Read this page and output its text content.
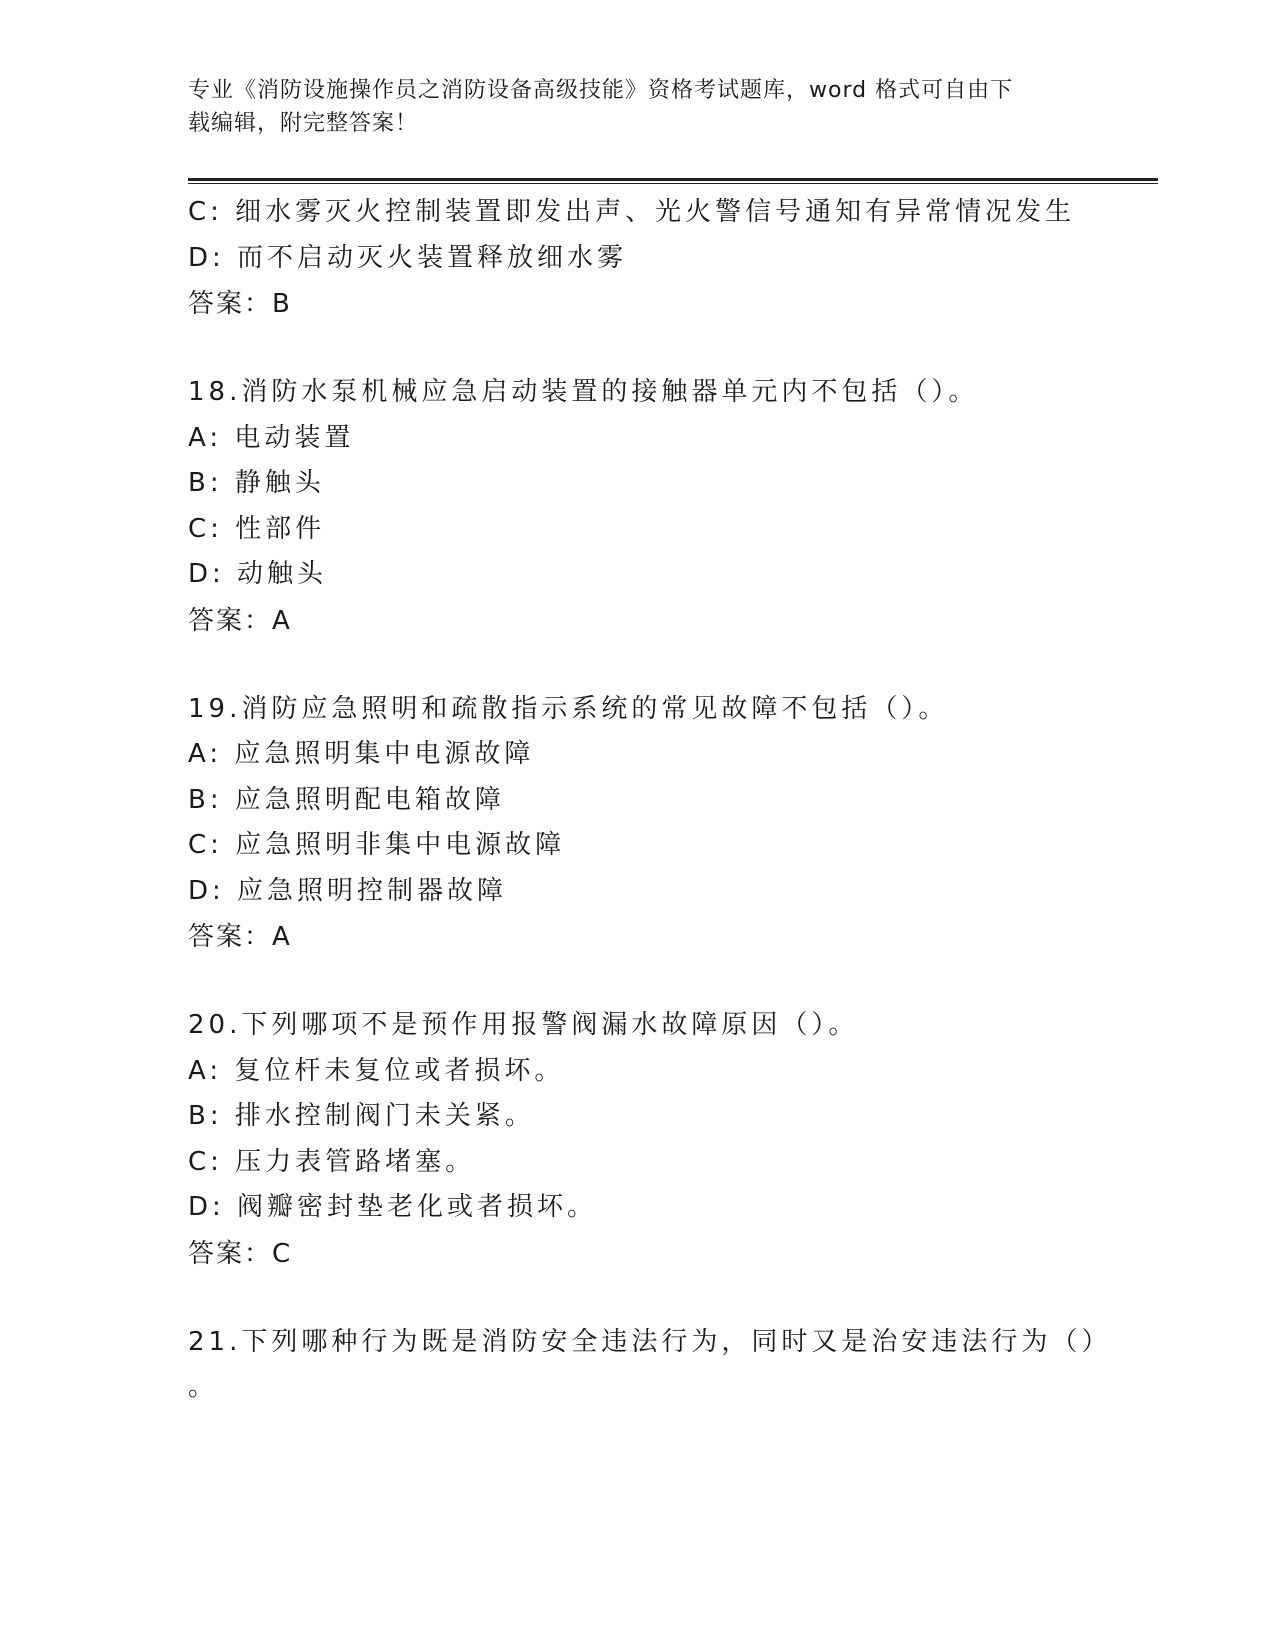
专业《消防设施操作员之消防设备高级技能》资格考试题库，word 格式可自由下
载编辑，附完整答案！
C: 细水雾灭火控制装置即发出声、光火警信号通知有异常情况发生
D: 而不启动灭火装置释放细水雾
答案：B
18.消防水泵机械应急启动装置的接触器单元内不包括（）。
A: 电动装置
B: 静触头
C: 性部件
D: 动触头
答案：A
19.消防应急照明和疏散指示系统的常见故障不包括（）。
A: 应急照明集中电源故障
B: 应急照明配电箱故障
C: 应急照明非集中电源故障
D: 应急照明控制器故障
答案：A
20.下列哪项不是预作用报警阀漏水故障原因（）。
A: 复位杆未复位或者损坏。
B: 排水控制阀门未关紧。
C: 压力表管路堵塞。
D: 阀瓣密封垫老化或者损坏。
答案：C
21.下列哪种行为既是消防安全违法行为，同时又是治安违法行为（）
。
